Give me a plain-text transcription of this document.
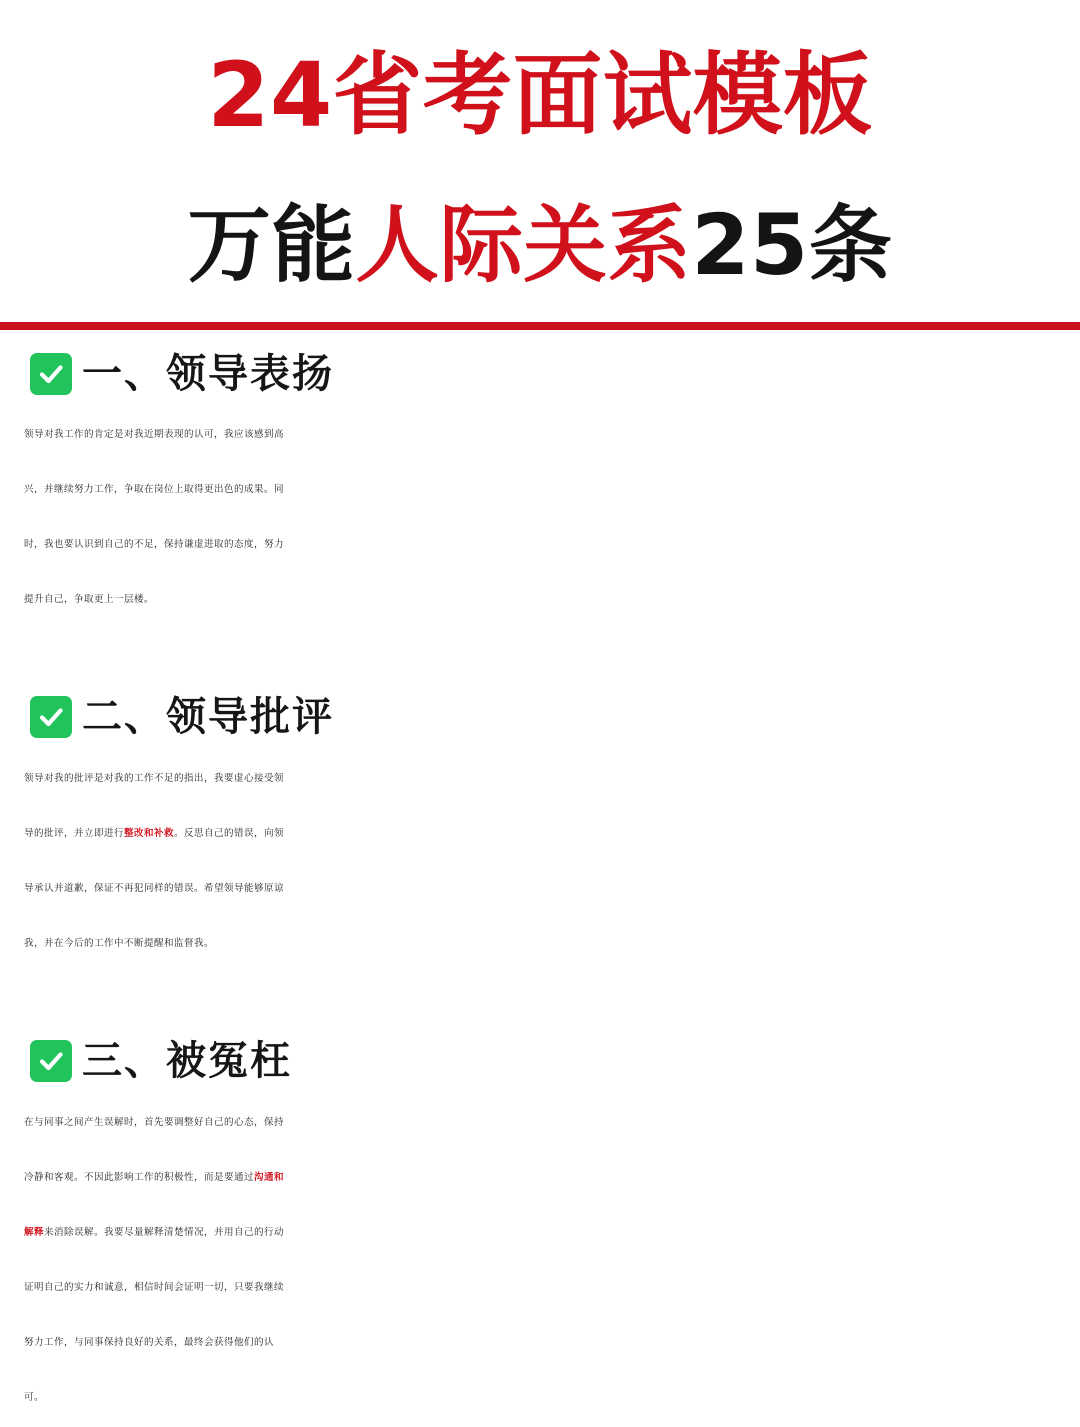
24省考面试模板
万能人际关系25条
一、领导表扬
领导对我工作的肯定是对我近期表现的认可，我应该感到高
兴，并继续努力工作，争取在岗位上取得更出色的成果。同
时，我也要认识到自己的不足，保持谦虚进取的态度，努力
提升自己，争取更上一层楼。
二、领导批评
领导对我的批评是对我的工作不足的指出，我要虚心接受领
导的批评，并立即进行整改和补救。反思自己的错误，向领
导承认并道歉，保证不再犯同样的错误。希望领导能够原谅
我，并在今后的工作中不断提醒和监督我。
三、被冤枉
在与同事之间产生误解时，首先要调整好自己的心态，保持
冷静和客观。不因此影响工作的积极性，而是要通过沟通和
解释来消除误解。我要尽量解释清楚情况，并用自己的行动
证明自己的实力和诚意，相信时间会证明一切，只要我继续
努力工作，与同事保持良好的关系，最终会获得他们的认
可。
